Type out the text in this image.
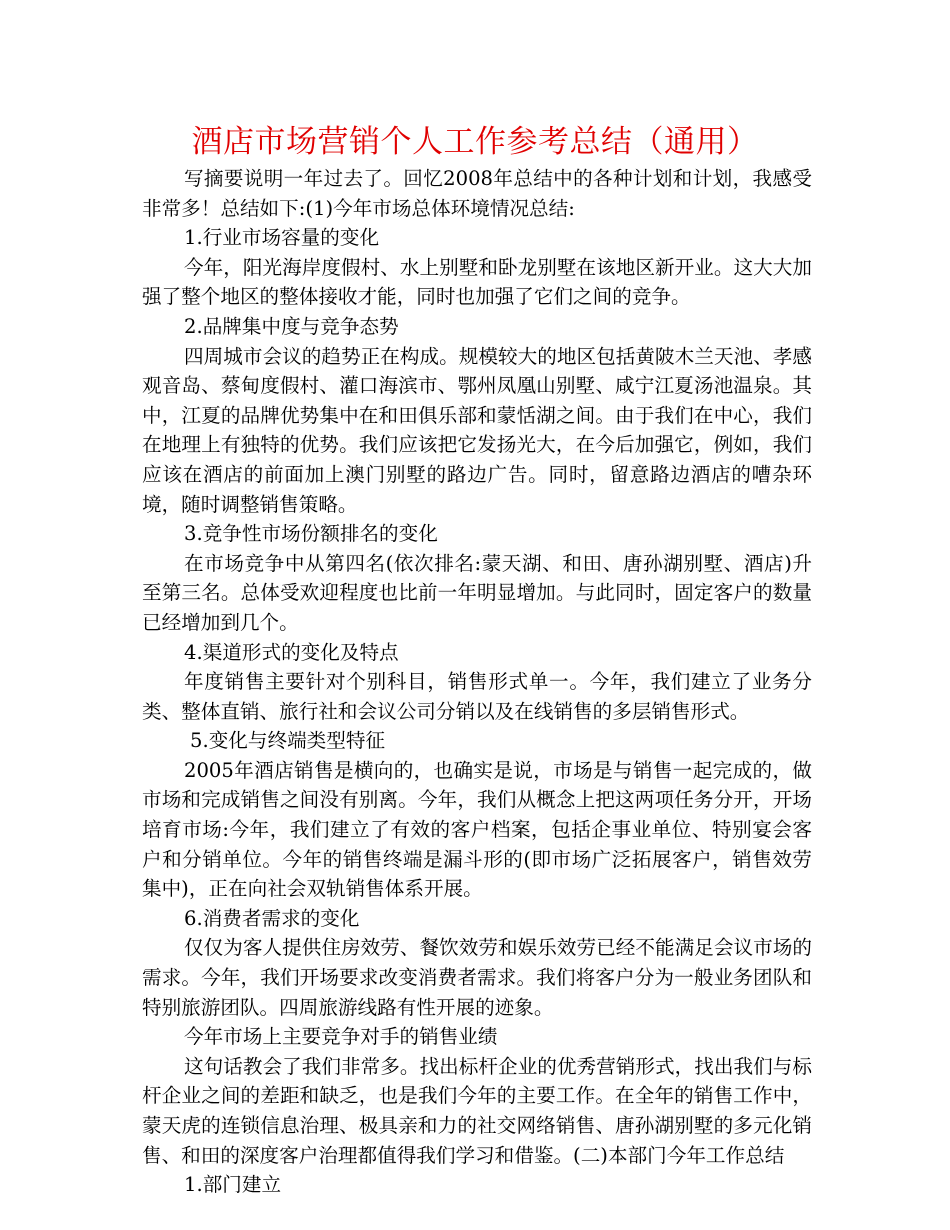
酒店市场营销个人工作参考总结（通用）

写摘要说明一年过去了。回忆2008年总结中的各种计划和计划，我感受非常多！总结如下:(1)今年市场总体环境情况总结:

1.行业市场容量的变化

今年，阳光海岸度假村、水上别墅和卧龙别墅在该地区新开业。这大大加强了整个地区的整体接收才能，同时也加强了它们之间的竞争。

2.品牌集中度与竞争态势

四周城市会议的趋势正在构成。规模较大的地区包括黄陂木兰天池、孝感观音岛、蔡甸度假村、灌口海滨市、鄂州凤凰山别墅、咸宁江夏汤池温泉。其中，江夏的品牌优势集中在和田俱乐部和蒙恬湖之间。由于我们在中心，我们在地理上有独特的优势。我们应该把它发扬光大，在今后加强它，例如，我们应该在酒店的前面加上澳门别墅的路边广告。同时，留意路边酒店的嘈杂环境，随时调整销售策略。

3.竞争性市场份额排名的变化

在市场竞争中从第四名(依次排名:蒙天湖、和田、唐孙湖别墅、酒店)升至第三名。总体受欢迎程度也比前一年明显增加。与此同时，固定客户的数量已经增加到几个。

4.渠道形式的变化及特点

年度销售主要针对个别科目，销售形式单一。今年，我们建立了业务分类、整体直销、旅行社和会议公司分销以及在线销售的多层销售形式。

5.变化与终端类型特征

2005年酒店销售是横向的，也确实是说，市场是与销售一起完成的，做市场和完成销售之间没有别离。今年，我们从概念上把这两项任务分开，开场培育市场:今年，我们建立了有效的客户档案，包括企事业单位、特别宴会客户和分销单位。今年的销售终端是漏斗形的(即市场广泛拓展客户，销售效劳集中)，正在向社会双轨销售体系开展。

6.消费者需求的变化

仅仅为客人提供住房效劳、餐饮效劳和娱乐效劳已经不能满足会议市场的需求。今年，我们开场要求改变消费者需求。我们将客户分为一般业务团队和特别旅游团队。四周旅游线路有性开展的迹象。

今年市场上主要竞争对手的销售业绩

这句话教会了我们非常多。找出标杆企业的优秀营销形式，找出我们与标杆企业之间的差距和缺乏，也是我们今年的主要工作。在全年的销售工作中，蒙天虎的连锁信息治理、极具亲和力的社交网络销售、唐孙湖别墅的多元化销售、和田的深度客户治理都值得我们学习和借鉴。(二)本部门今年工作总结

1.部门建立
